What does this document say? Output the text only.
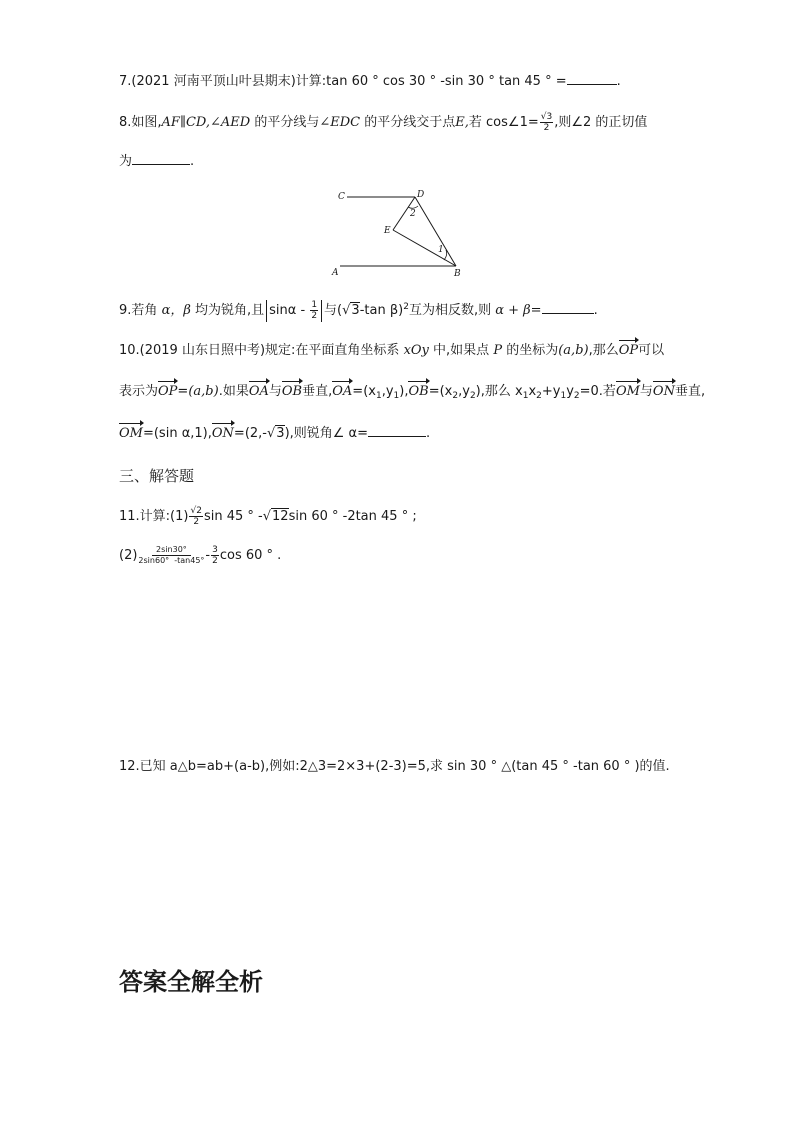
7.(2021 河南平顶山叶县期末)计算:tan 60 ° cos 30 ° -sin 30 ° tan 45 ° =	.
8.如图,AF∥CD,∠AED 的平分线与∠EDC 的平分线交于点E,若 cos∠1= $\frac{√3}{2}$ ,则∠2 的正切值
为	.
C	D
E
A	B
1
2
9.若角 α，β 均为锐角,且 sinα - $\frac{1}{2}$ 与(√3-tan β)$^2$互为相反数,则 α + β=	.
10.(2019 山东日照中考)规定:在平面直角坐标系 xOy 中,如果点 P 的坐标为(a,b),那么OP可以
表示为OP=(a,b).如果OA与OB垂直$,OA=(x_1,y_1),OB=(x_2,y_2)$,那么 $x_1x_2+y_1y_2=0$.若OM与ON垂直,
OM=(sin α,1),ON=(2,-√3),则锐角∠ α=	.
三、解答题
11.计算:(1) $\frac{√2}{2}$ sin 45 ° -√12sin 60 ° -2tan 45 ° ;
$(2) \frac{2\sin 30^\circ}{2\sin 60^\circ -\tan 45^\circ} - \frac{3}{2}$ cos 60 ° .
12.已知 a△b=ab+(a-b),例如:2△3=2×3+(2-3)=5,求 sin 30 ° △(tan 45 ° -tan 60 ° )的值.
答案全解全析
